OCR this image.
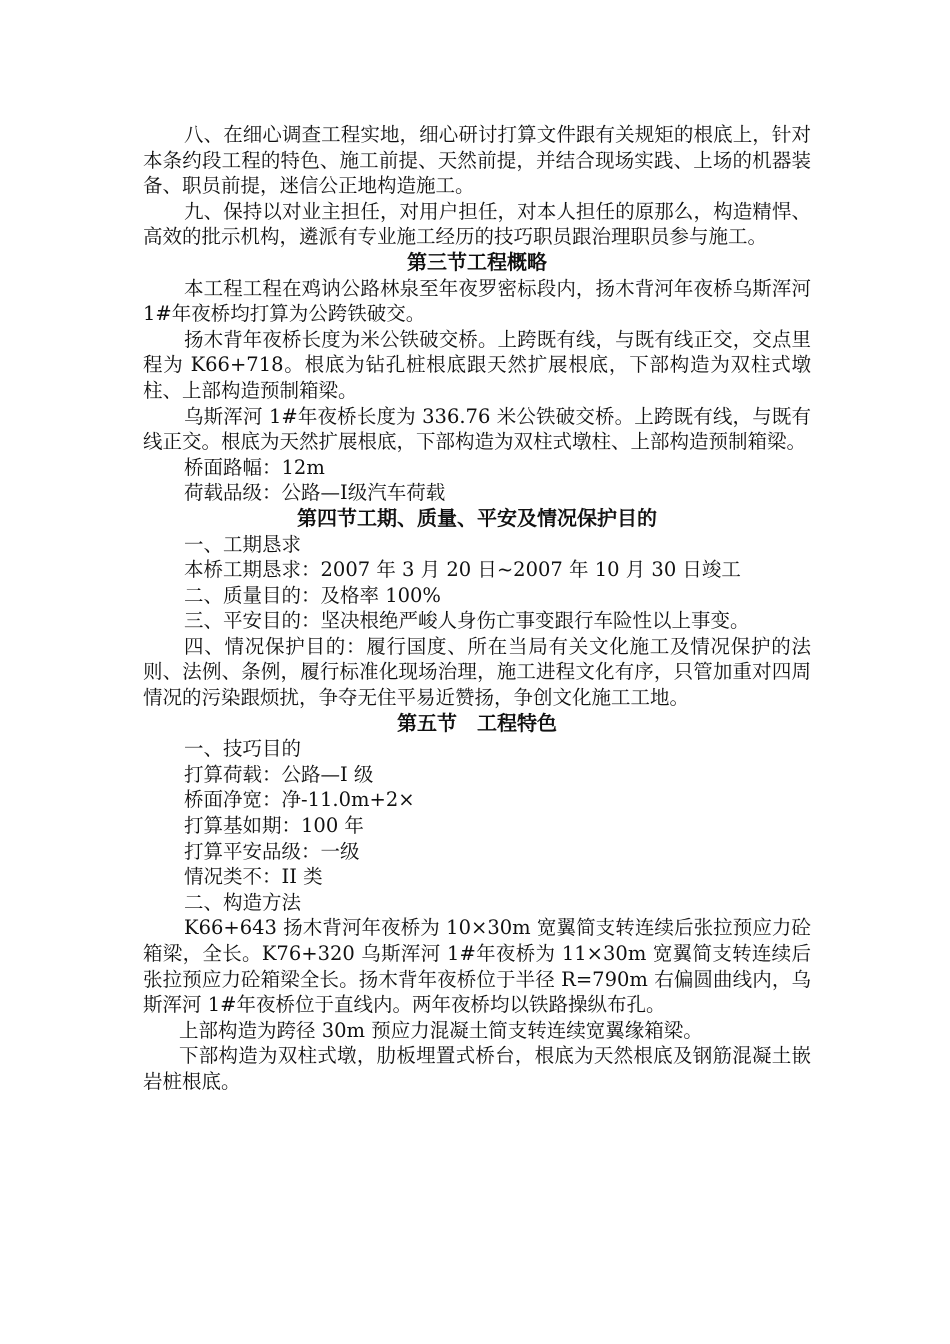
八、在细心调查工程实地，细心研讨打算文件跟有关规矩的根底上，针对本条约段工程的特色、施工前提、天然前提，并结合现场实践、上场的机器装备、职员前提，迷信公正地构造施工。

九、保持以对业主担任，对用户担任，对本人担任的原那么，构造精悍、高效的批示机构，遴派有专业施工经历的技巧职员跟治理职员参与施工。

第三节工程概略

本工程工程在鸡讷公路林泉至年夜罗密标段内，扬木背河年夜桥乌斯浑河 1#年夜桥均打算为公跨铁破交。

扬木背年夜桥长度为米公铁破交桥。上跨既有线，与既有线正交，交点里程为 K66+718。根底为钻孔桩根底跟天然扩展根底，下部构造为双柱式墩柱、上部构造预制箱梁。

乌斯浑河 1#年夜桥长度为 336.76 米公铁破交桥。上跨既有线，与既有线正交。根底为天然扩展根底，下部构造为双柱式墩柱、上部构造预制箱梁。

桥面路幅：12m

荷载品级：公路—Ⅰ级汽车荷载

第四节工期、质量、平安及情况保护目的

一、工期恳求

本桥工期恳求：2007 年 3 月 20 日~2007 年 10 月 30 日竣工

二、质量目的：及格率 100%

三、平安目的：坚决根绝严峻人身伤亡事变跟行车险性以上事变。

四、情况保护目的：履行国度、所在当局有关文化施工及情况保护的法则、法例、条例，履行标准化现场治理，施工进程文化有序，只管加重对四周情况的污染跟烦扰，争夺无住平易近赞扬，争创文化施工工地。

第五节　工程特色

一、技巧目的

打算荷载：公路—I 级

桥面净宽：净-11.0m+2×

打算基如期：100 年

打算平安品级：一级

情况类不：II 类

二、构造方法

K66+643 扬木背河年夜桥为 10×30m 宽翼简支转连续后张拉预应力砼箱梁，全长。K76+320 乌斯浑河 1#年夜桥为 11×30m 宽翼简支转连续后张拉预应力砼箱梁全长。扬木背年夜桥位于半径 R=790m 右偏圆曲线内，乌斯浑河 1#年夜桥位于直线内。两年夜桥均以铁路操纵布孔。

上部构造为跨径 30m 预应力混凝土简支转连续宽翼缘箱梁。

下部构造为双柱式墩，肋板埋置式桥台，根底为天然根底及钢筋混凝土嵌岩桩根底。
